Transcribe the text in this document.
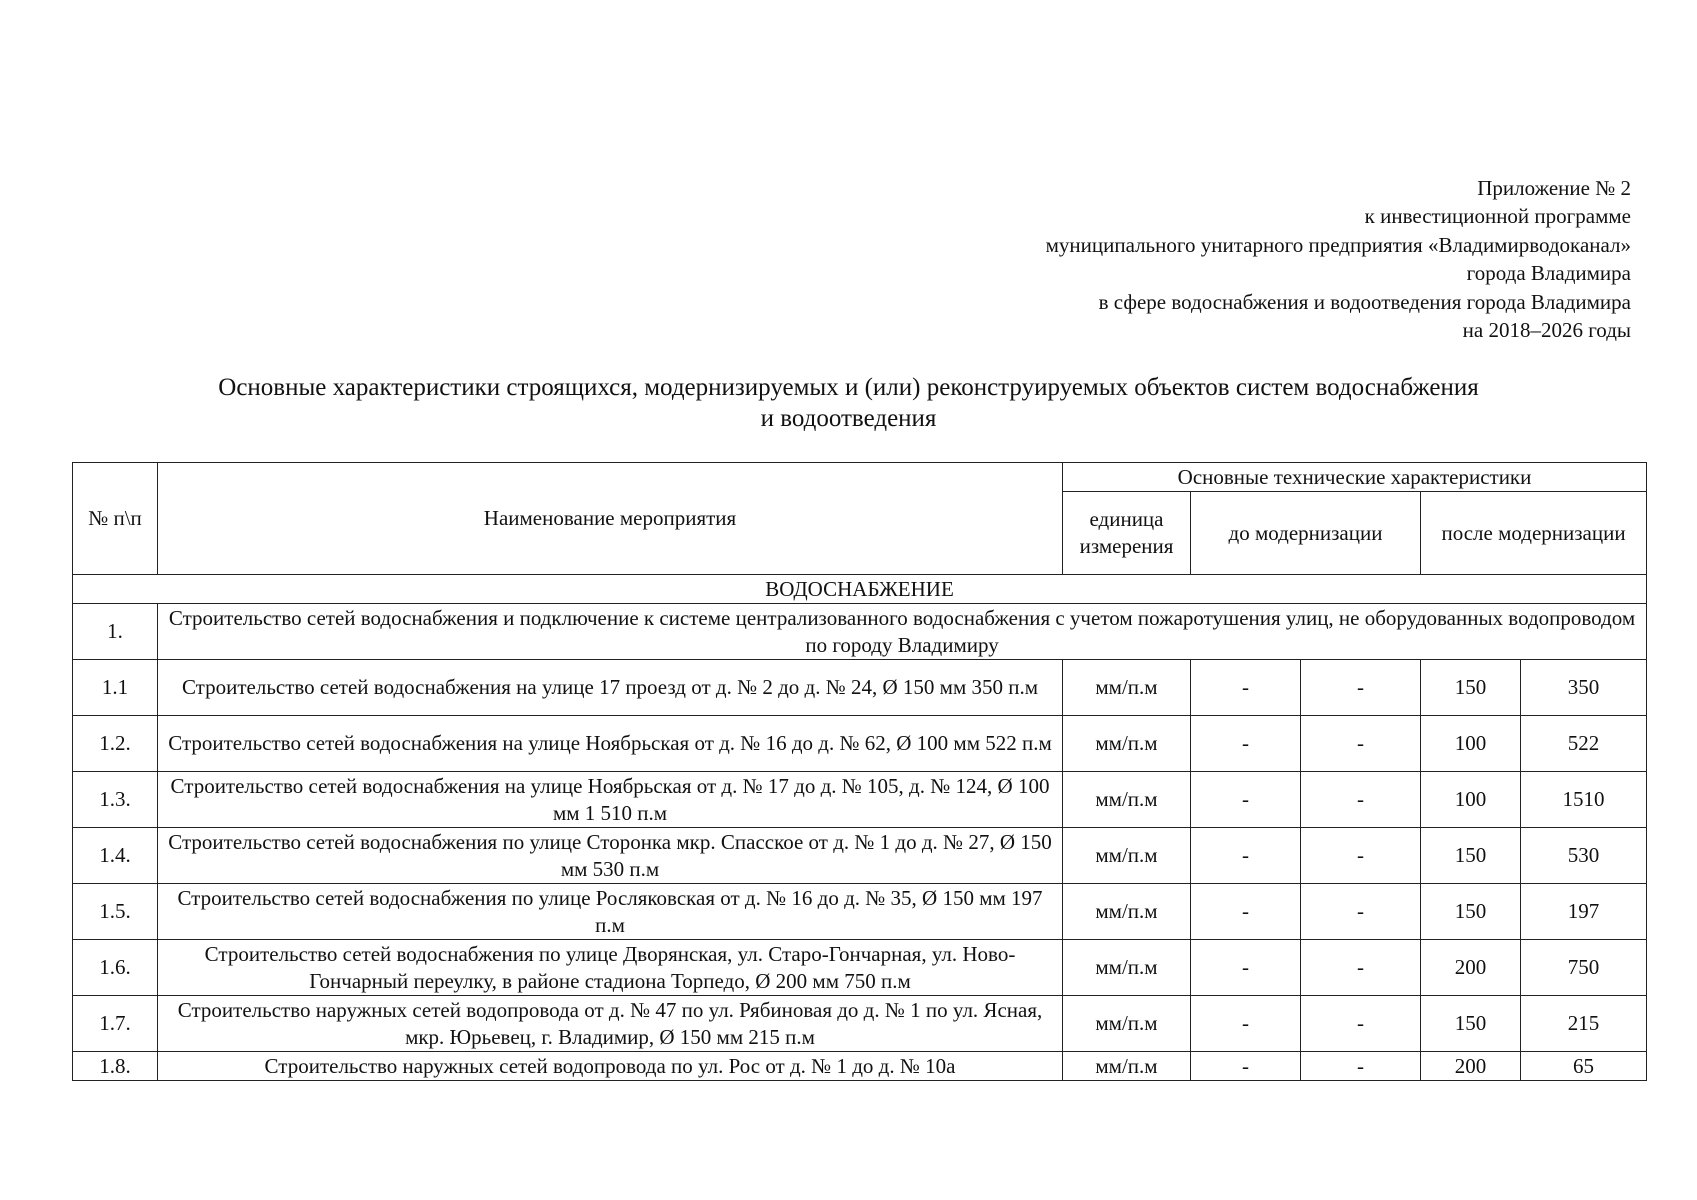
Приложение № 2
к инвестиционной программе
муниципального унитарного предприятия «Владимирводоканал»
города Владимира
в сфере водоснабжения и водоотведения города Владимира
на 2018–2026 годы
Основные характеристики строящихся, модернизируемых и (или) реконструируемых объектов систем водоснабжения
и водоотведения
№ п\п	Наименование мероприятия	Основные технические характеристики				
		единица измерения	до модернизации		после модернизации	
ВОДОСНАБЖЕНИЕ						
1.	Строительство сетей водоснабжения и подключение к системе централизованного водоснабжения с учетом пожаротушения улиц, не оборудованных водопроводом по городу Владимиру					
1.1	Строительство сетей водоснабжения на улице 17 проезд от д. № 2 до д. № 24, Ø 150 мм 350 п.м	мм/п.м	-	-	150	350
1.2.	Строительство сетей водоснабжения на улице Ноябрьская от д. № 16 до д. № 62, Ø 100 мм 522 п.м	мм/п.м	-	-	100	522
1.3.	Строительство сетей водоснабжения на улице Ноябрьская от д. № 17 до д. № 105, д. № 124, Ø 100 мм 1 510 п.м	мм/п.м	-	-	100	1510
1.4.	Строительство сетей водоснабжения по улице Сторонка мкр. Спасское от д. № 1 до д. № 27, Ø 150 мм 530 п.м	мм/п.м	-	-	150	530
1.5.	Строительство сетей водоснабжения по улице Росляковская от д. № 16 до д. № 35, Ø 150 мм 197 п.м	мм/п.м	-	-	150	197
1.6.	Строительство сетей водоснабжения по улице Дворянская, ул. Старо-Гончарная, ул. Ново-Гончарный переулку, в районе стадиона Торпедо, Ø 200 мм 750 п.м	мм/п.м	-	-	200	750
1.7.	Строительство наружных сетей водопровода от д. № 47 по ул. Рябиновая до д. № 1 по ул. Ясная, мкр. Юрьевец, г. Владимир, Ø 150 мм 215 п.м	мм/п.м	-	-	150	215
1.8.	Строительство наружных сетей водопровода по ул. Рос от д. № 1 до д. № 10а	мм/п.м	-	-	200	65
